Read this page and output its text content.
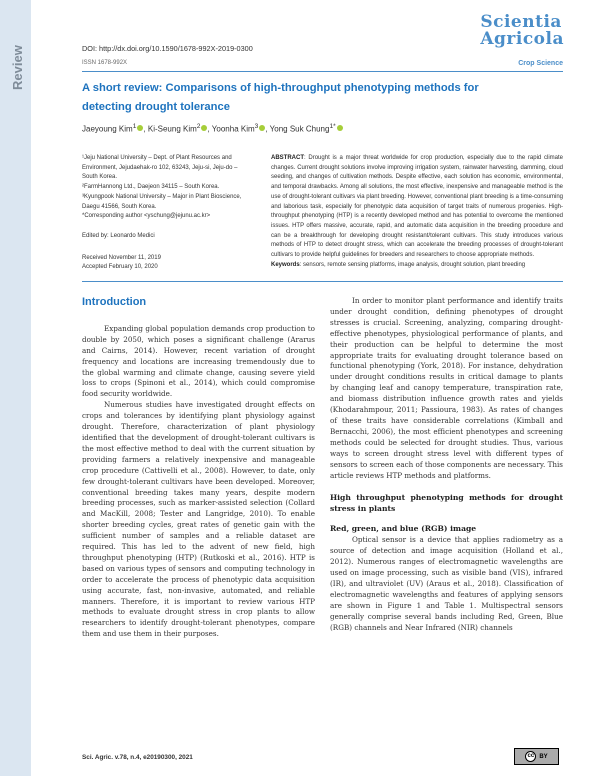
Review
Scientia
Agricola
DOI: http://dx.doi.org/10.1590/1678-992X-2019-0300
ISSN 1678-992X	Crop Science
A short review: Comparisons of high-throughput phenotyping methods for detecting drought tolerance
Jaeyoung Kim$^1$ , Ki-Seung Kim$^2$ , Yoonha Kim$^3$ , Yong Suk Chung$^{1*}$

¹Jeju National University – Dept. of Plant Resources and Environment, Jejudaehak-ro 102, 63243, Jeju-si, Jeju-do – South Korea.

²FarmHannong Ltd., Daejeon 34115 – South Korea.

³Kyungpook National University – Major in Plant Bioscience, Daegu 41566, South Korea.

*Corresponding author <yschung@jejunu.ac.kr>

Edited by: Leonardo Medici

Received November 11, 2019

Accepted February 10, 2020

ABSTRACT: Drought is a major threat worldwide for crop production, especially due to the rapid climate changes. Current drought solutions involve improving irrigation system, rainwater harvesting, damming, cloud seeding, and changes of cultivation methods. Despite effective, each solution has economic, environmental, and temporal drawbacks. Among all solutions, the most effective, inexpensive and manageable method is the use of drought-tolerant cultivars via plant breeding. However, conventional plant breeding is a time-consuming and laborious task, especially for phenotypic data acquisition of target traits of numerous progenies. High-throughput phenotyping (HTP) is a recently developed method and has potential to overcome the mentioned issues. HTP offers massive, accurate, rapid, and automatic data acquisition in the breeding procedure and can be a breakthrough for developing drought resistant/tolerant cultivars. This study introduces various methods of HTP to detect drought stress, which can accelerate the breeding processes of drought-tolerant cultivars to provide helpful guidelines for breeders and researchers to choose appropriate methods.
Keywords: sensors, remote sensing platforms, image analysis, drought solution, plant breeding
Introduction

Expanding global population demands crop production to double by 2050, which poses a significant challenge (Ararus and Cairns, 2014). However, recent variation of drought frequency and locations are increasing tremendously due to the global warming and climate change, causing severe yield loss to crops (Spinoni et al., 2014), which could compromise food security worldwide.

Numerous studies have investigated drought effects on crops and tolerances by identifying plant physiology against drought. Therefore, characterization of plant physiology identified that the development of drought-tolerant cultivars is the most effective method to deal with the current situation by providing farmers a relatively inexpensive and manageable crop procedure (Cattivelli et al., 2008). However, to date, only few drought-tolerant cultivars have been developed. Moreover, conventional breeding takes many years, despite modern breeding processes, such as marker-assisted selection (Collard and MacKill, 2008; Tester and Langridge, 2010). To enable shorter breeding cycles, great rates of genetic gain with the sufficient number of samples and a reliable dataset are required. This has led to the advent of new field, high throughput phenotyping (HTP) (Rutkoski et al., 2016). HTP is based on various types of sensors and computing technology in order to accelerate the process of phenotypic data acquisition using accurate, fast, non-invasive, automated, and reliable manners. Therefore, it is important to review various HTP methods to evaluate drought stress in crop plants to allow researchers to identify drought-tolerant phenotypes, compare them and use them in their purposes.

In order to monitor plant performance and identify traits under drought condition, defining phenotypes of drought stresses is crucial. Screening, analyzing, comparing drought-effective phenotypes, physiological performance of plants, and their production can be helpful to determine the most appropriate traits for evaluating drought tolerance based on functional phenotyping (York, 2018). For instance, dehydration under drought conditions results in critical damage to plants by changing leaf and canopy temperature, transpiration rate, and biomass distribution influence growth rates and yields (Khodarahmpour, 2011; Passioura, 1983). As rates of changes of these traits have considerable correlations (Kimball and Bernacchi, 2006), the most efficient phenotypes and screening methods could be selected for drought studies. Thus, various ways to screen drought stress level with different types of sensors to screen each of those components are necessary. This article reviews HTP methods and platforms.

High throughput phenotyping methods for drought stress in plants
Red, green, and blue (RGB) image

Optical sensor is a device that applies radiometry as a source of detection and image acquisition (Holland et al., 2012). Numerous ranges of electromagnetic wavelengths are used on image processing, such as visible band (VIS), infrared (IR), and ultraviolet (UV) (Araus et al., 2018). Classification of electromagnetic wavelengths and features of applying sensors are shown in Figure 1 and Table 1. Multispectral sensors generally comprise several bands including Red, Green, Blue (RGB) channels and Near Infrared (NIR) channels

Sci. Agric. v.78, n.4, e20190300, 2021	cc BY
